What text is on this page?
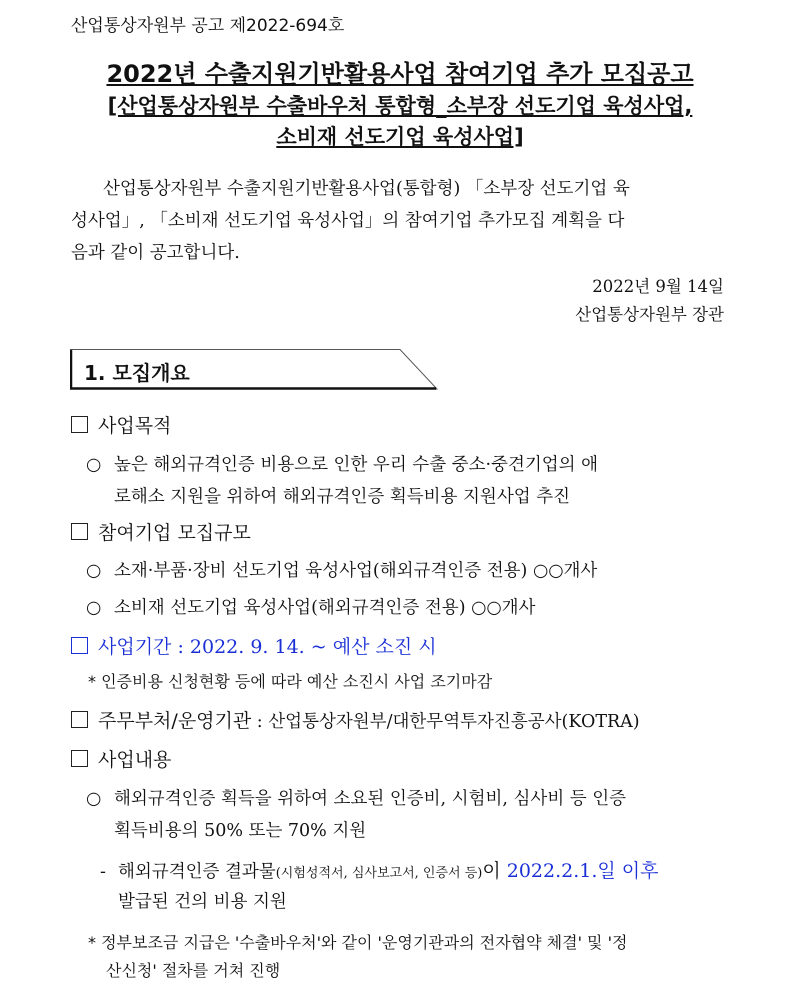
산업통상자원부 공고 제2022-694호
2022년 수출지원기반활용사업 참여기업 추가 모집공고
[산업통상자원부 수출바우처 통합형_소부장 선도기업 육성사업,
소비재 선도기업 육성사업]
산업통상자원부 수출지원기반활용사업(통합형) 「소부장 선도기업 육
성사업」, 「소비재 선도기업 육성사업」의 참여기업 추가모집 계획을 다
음과 같이 공고합니다.
2022년 9월 14일
산업통상자원부 장관
1. 모집개요
사업목적
○ 높은 해외규격인증 비용으로 인한 우리 수출 중소·중견기업의 애
로해소 지원을 위하여 해외규격인증 획득비용 지원사업 추진
참여기업 모집규모
○ 소재·부품·장비 선도기업 육성사업(해외규격인증 전용) ○○개사
○ 소비재 선도기업 육성사업(해외규격인증 전용) ○○개사
사업기간 : 2022. 9. 14. ~ 예산 소진 시
* 인증비용 신청현황 등에 따라 예산 소진시 사업 조기마감
주무부처/운영기관 : 산업통상자원부/대한무역투자진흥공사(KOTRA)
사업내용
○ 해외규격인증 획득을 위하여 소요된 인증비, 시험비, 심사비 등 인증
획득비용의 50% 또는 70% 지원
- 해외규격인증 결과물(시험성적서, 심사보고서, 인증서 등)이 2022.2.1.일 이후
발급된 건의 비용 지원
* 정부보조금 지급은 '수출바우처'와 같이 '운영기관과의 전자협약 체결' 및 '정
산신청' 절차를 거쳐 진행
